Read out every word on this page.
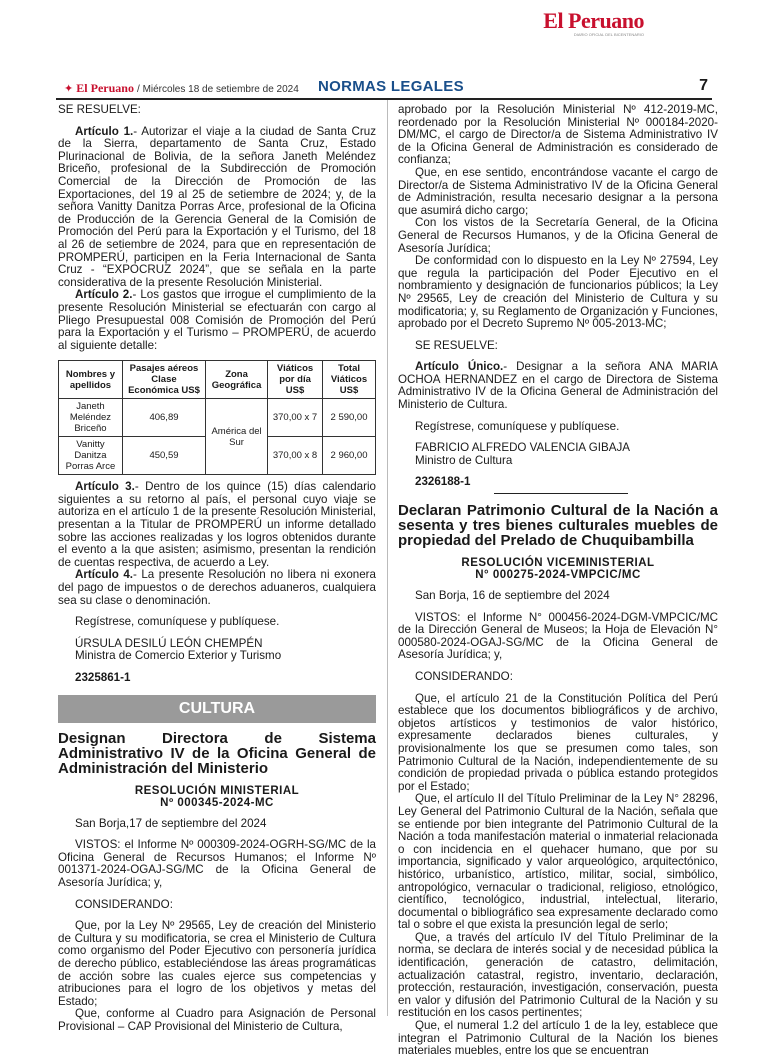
El Peruano
DIARIO OFICIAL DEL BICENTENARIO
✦ El Peruano / Miércoles 18 de setiembre de 2024 NORMAS LEGALES	7

SE RESUELVE:

Artículo 1.- Autorizar el viaje a la ciudad de Santa Cruz de la Sierra, departamento de Santa Cruz, Estado Plurinacional de Bolivia, de la señora Janeth Meléndez Briceño, profesional de la Subdirección de Promoción Comercial de la Dirección de Promoción de las Exportaciones, del 19 al 25 de setiembre de 2024; y, de la señora Vanitty Danitza Porras Arce, profesional de la Oficina de Producción de la Gerencia General de la Comisión de Promoción del Perú para la Exportación y el Turismo, del 18 al 26 de setiembre de 2024, para que en representación de PROMPERÚ, participen en la Feria Internacional de Santa Cruz - “EXPOCRUZ 2024”, que se señala en la parte considerativa de la presente Resolución Ministerial.

Artículo 2.- Los gastos que irrogue el cumplimiento de la presente Resolución Ministerial se efectuarán con cargo al Pliego Presupuestal 008 Comisión de Promoción del Perú para la Exportación y el Turismo – PROMPERÚ, de acuerdo al siguiente detalle:

Nombres y apellidos	Pasajes aéreos Clase Económica US$	Zona Geográfica	Viáticos por día US$	Total Viáticos US$
Janeth Meléndez Briceño	406,89	América del Sur	370,00 x 7	2 590,00
Vanitty Danitza Porras Arce	450,59		370,00 x 8	2 960,00

Artículo 3.- Dentro de los quince (15) días calendario siguientes a su retorno al país, el personal cuyo viaje se autoriza en el artículo 1 de la presente Resolución Ministerial, presentan a la Titular de PROMPERÚ un informe detallado sobre las acciones realizadas y los logros obtenidos durante el evento a la que asisten; asimismo, presentan la rendición de cuentas respectiva, de acuerdo a Ley.

Artículo 4.- La presente Resolución no libera ni exonera del pago de impuestos o de derechos aduaneros, cualquiera sea su clase o denominación.

Regístrese, comuníquese y publíquese.

ÚRSULA DESILÚ LEÓN CHEMPÉN

Ministra de Comercio Exterior y Turismo

2325861-1

CULTURA

Designan Directora de Sistema Administrativo IV de la Oficina General de Administración del Ministerio

RESOLUCIÓN MINISTERIAL

Nº 000345-2024-MC

San Borja,17 de septiembre del 2024

VISTOS: el Informe Nº 000309-2024-OGRH-SG/MC de la Oficina General de Recursos Humanos; el Informe Nº 001371-2024-OGAJ-SG/MC de la Oficina General de Asesoría Jurídica; y,

CONSIDERANDO:

Que, por la Ley Nº 29565, Ley de creación del Ministerio de Cultura y su modificatoria, se crea el Ministerio de Cultura como organismo del Poder Ejecutivo con personería jurídica de derecho público, estableciéndose las áreas programáticas de acción sobre las cuales ejerce sus competencias y atribuciones para el logro de los objetivos y metas del Estado;

Que, conforme al Cuadro para Asignación de Personal Provisional – CAP Provisional del Ministerio de Cultura,

aprobado por la Resolución Ministerial Nº 412-2019-MC, reordenado por la Resolución Ministerial Nº 000184-2020-DM/MC, el cargo de Director/a de Sistema Administrativo IV de la Oficina General de Administración es considerado de confianza;

Que, en ese sentido, encontrándose vacante el cargo de Director/a de Sistema Administrativo IV de la Oficina General de Administración, resulta necesario designar a la persona que asumirá dicho cargo;

Con los vistos de la Secretaría General, de la Oficina General de Recursos Humanos, y de la Oficina General de Asesoría Jurídica;

De conformidad con lo dispuesto en la Ley Nº 27594, Ley que regula la participación del Poder Ejecutivo en el nombramiento y designación de funcionarios públicos; la Ley Nº 29565, Ley de creación del Ministerio de Cultura y su modificatoria; y, su Reglamento de Organización y Funciones, aprobado por el Decreto Supremo Nº 005-2013-MC;

SE RESUELVE:

Artículo Único.- Designar a la señora ANA MARIA OCHOA HERNANDEZ en el cargo de Directora de Sistema Administrativo IV de la Oficina General de Administración del Ministerio de Cultura.

Regístrese, comuníquese y publíquese.

FABRICIO ALFREDO VALENCIA GIBAJA

Ministro de Cultura

2326188-1

Declaran Patrimonio Cultural de la Nación a sesenta y tres bienes culturales muebles de propiedad del Prelado de Chuquibambilla

RESOLUCIÓN VICEMINISTERIAL

N° 000275-2024-VMPCIC/MC

San Borja, 16 de septiembre del 2024

VISTOS: el Informe N° 000456-2024-DGM-VMPCIC/MC de la Dirección General de Museos; la Hoja de Elevación N° 000580-2024-OGAJ-SG/MC de la Oficina General de Asesoría Jurídica; y,

CONSIDERANDO:

Que, el artículo 21 de la Constitución Política del Perú establece que los documentos bibliográficos y de archivo, objetos artísticos y testimonios de valor histórico, expresamente declarados bienes culturales, y provisionalmente los que se presumen como tales, son Patrimonio Cultural de la Nación, independientemente de su condición de propiedad privada o pública estando protegidos por el Estado;

Que, el artículo II del Título Preliminar de la Ley N° 28296, Ley General del Patrimonio Cultural de la Nación, señala que se entiende por bien integrante del Patrimonio Cultural de la Nación a toda manifestación material o inmaterial relacionada o con incidencia en el quehacer humano, que por su importancia, significado y valor arqueológico, arquitectónico, histórico, urbanístico, artístico, militar, social, simbólico, antropológico, vernacular o tradicional, religioso, etnológico, científico, tecnológico, industrial, intelectual, literario, documental o bibliográfico sea expresamente declarado como tal o sobre el que exista la presunción legal de serlo;

Que, a través del artículo IV del Título Preliminar de la norma, se declara de interés social y de necesidad pública la identificación, generación de catastro, delimitación, actualización catastral, registro, inventario, declaración, protección, restauración, investigación, conservación, puesta en valor y difusión del Patrimonio Cultural de la Nación y su restitución en los casos pertinentes;

Que, el numeral 1.2 del artículo 1 de la ley, establece que integran el Patrimonio Cultural de la Nación los bienes materiales muebles, entre los que se encuentran
